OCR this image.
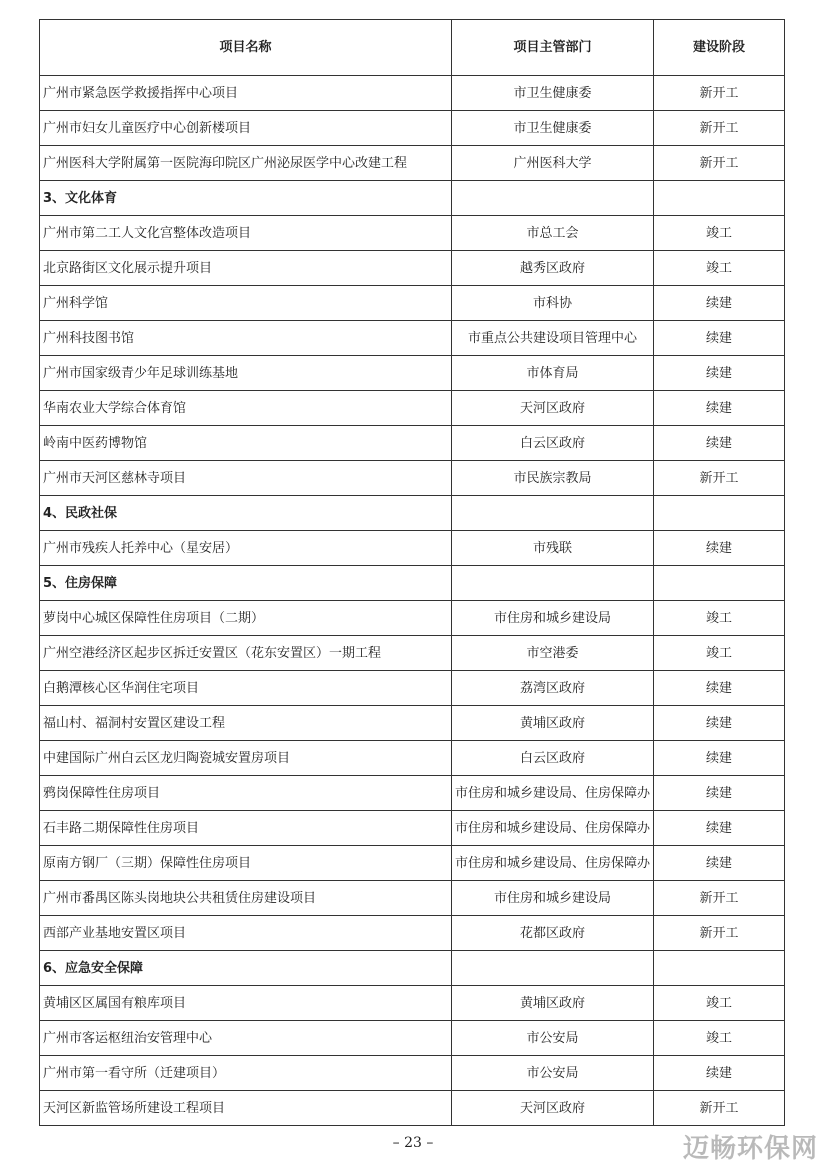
项目名称	项目主管部门	建设阶段
广州市紧急医学救援指挥中心项目	市卫生健康委	新开工
广州市妇女儿童医疗中心创新楼项目	市卫生健康委	新开工
广州医科大学附属第一医院海印院区广州泌尿医学中心改建工程	广州医科大学	新开工
3、文化体育		
广州市第二工人文化宫整体改造项目	市总工会	竣工
北京路街区文化展示提升项目	越秀区政府	竣工
广州科学馆	市科协	续建
广州科技图书馆	市重点公共建设项目管理中心	续建
广州市国家级青少年足球训练基地	市体育局	续建
华南农业大学综合体育馆	天河区政府	续建
岭南中医药博物馆	白云区政府	续建
广州市天河区慈林寺项目	市民族宗教局	新开工
4、民政社保		
广州市残疾人托养中心（星安居）	市残联	续建
5、住房保障		
萝岗中心城区保障性住房项目（二期）	市住房和城乡建设局	竣工
广州空港经济区起步区拆迁安置区（花东安置区）一期工程	市空港委	竣工
白鹅潭核心区华润住宅项目	荔湾区政府	续建
福山村、福洞村安置区建设工程	黄埔区政府	续建
中建国际广州白云区龙归陶瓷城安置房项目	白云区政府	续建
鸦岗保障性住房项目	市住房和城乡建设局、住房保障办	续建
石丰路二期保障性住房项目	市住房和城乡建设局、住房保障办	续建
原南方钢厂（三期）保障性住房项目	市住房和城乡建设局、住房保障办	续建
广州市番禺区陈头岗地块公共租赁住房建设项目	市住房和城乡建设局	新开工
西部产业基地安置区项目	花都区政府	新开工
6、应急安全保障		
黄埔区区属国有粮库项目	黄埔区政府	竣工
广州市客运枢纽治安管理中心	市公安局	竣工
广州市第一看守所（迁建项目）	市公安局	续建
天河区新监管场所建设工程项目	天河区政府	新开工
– 23 –	迈畅环保网
